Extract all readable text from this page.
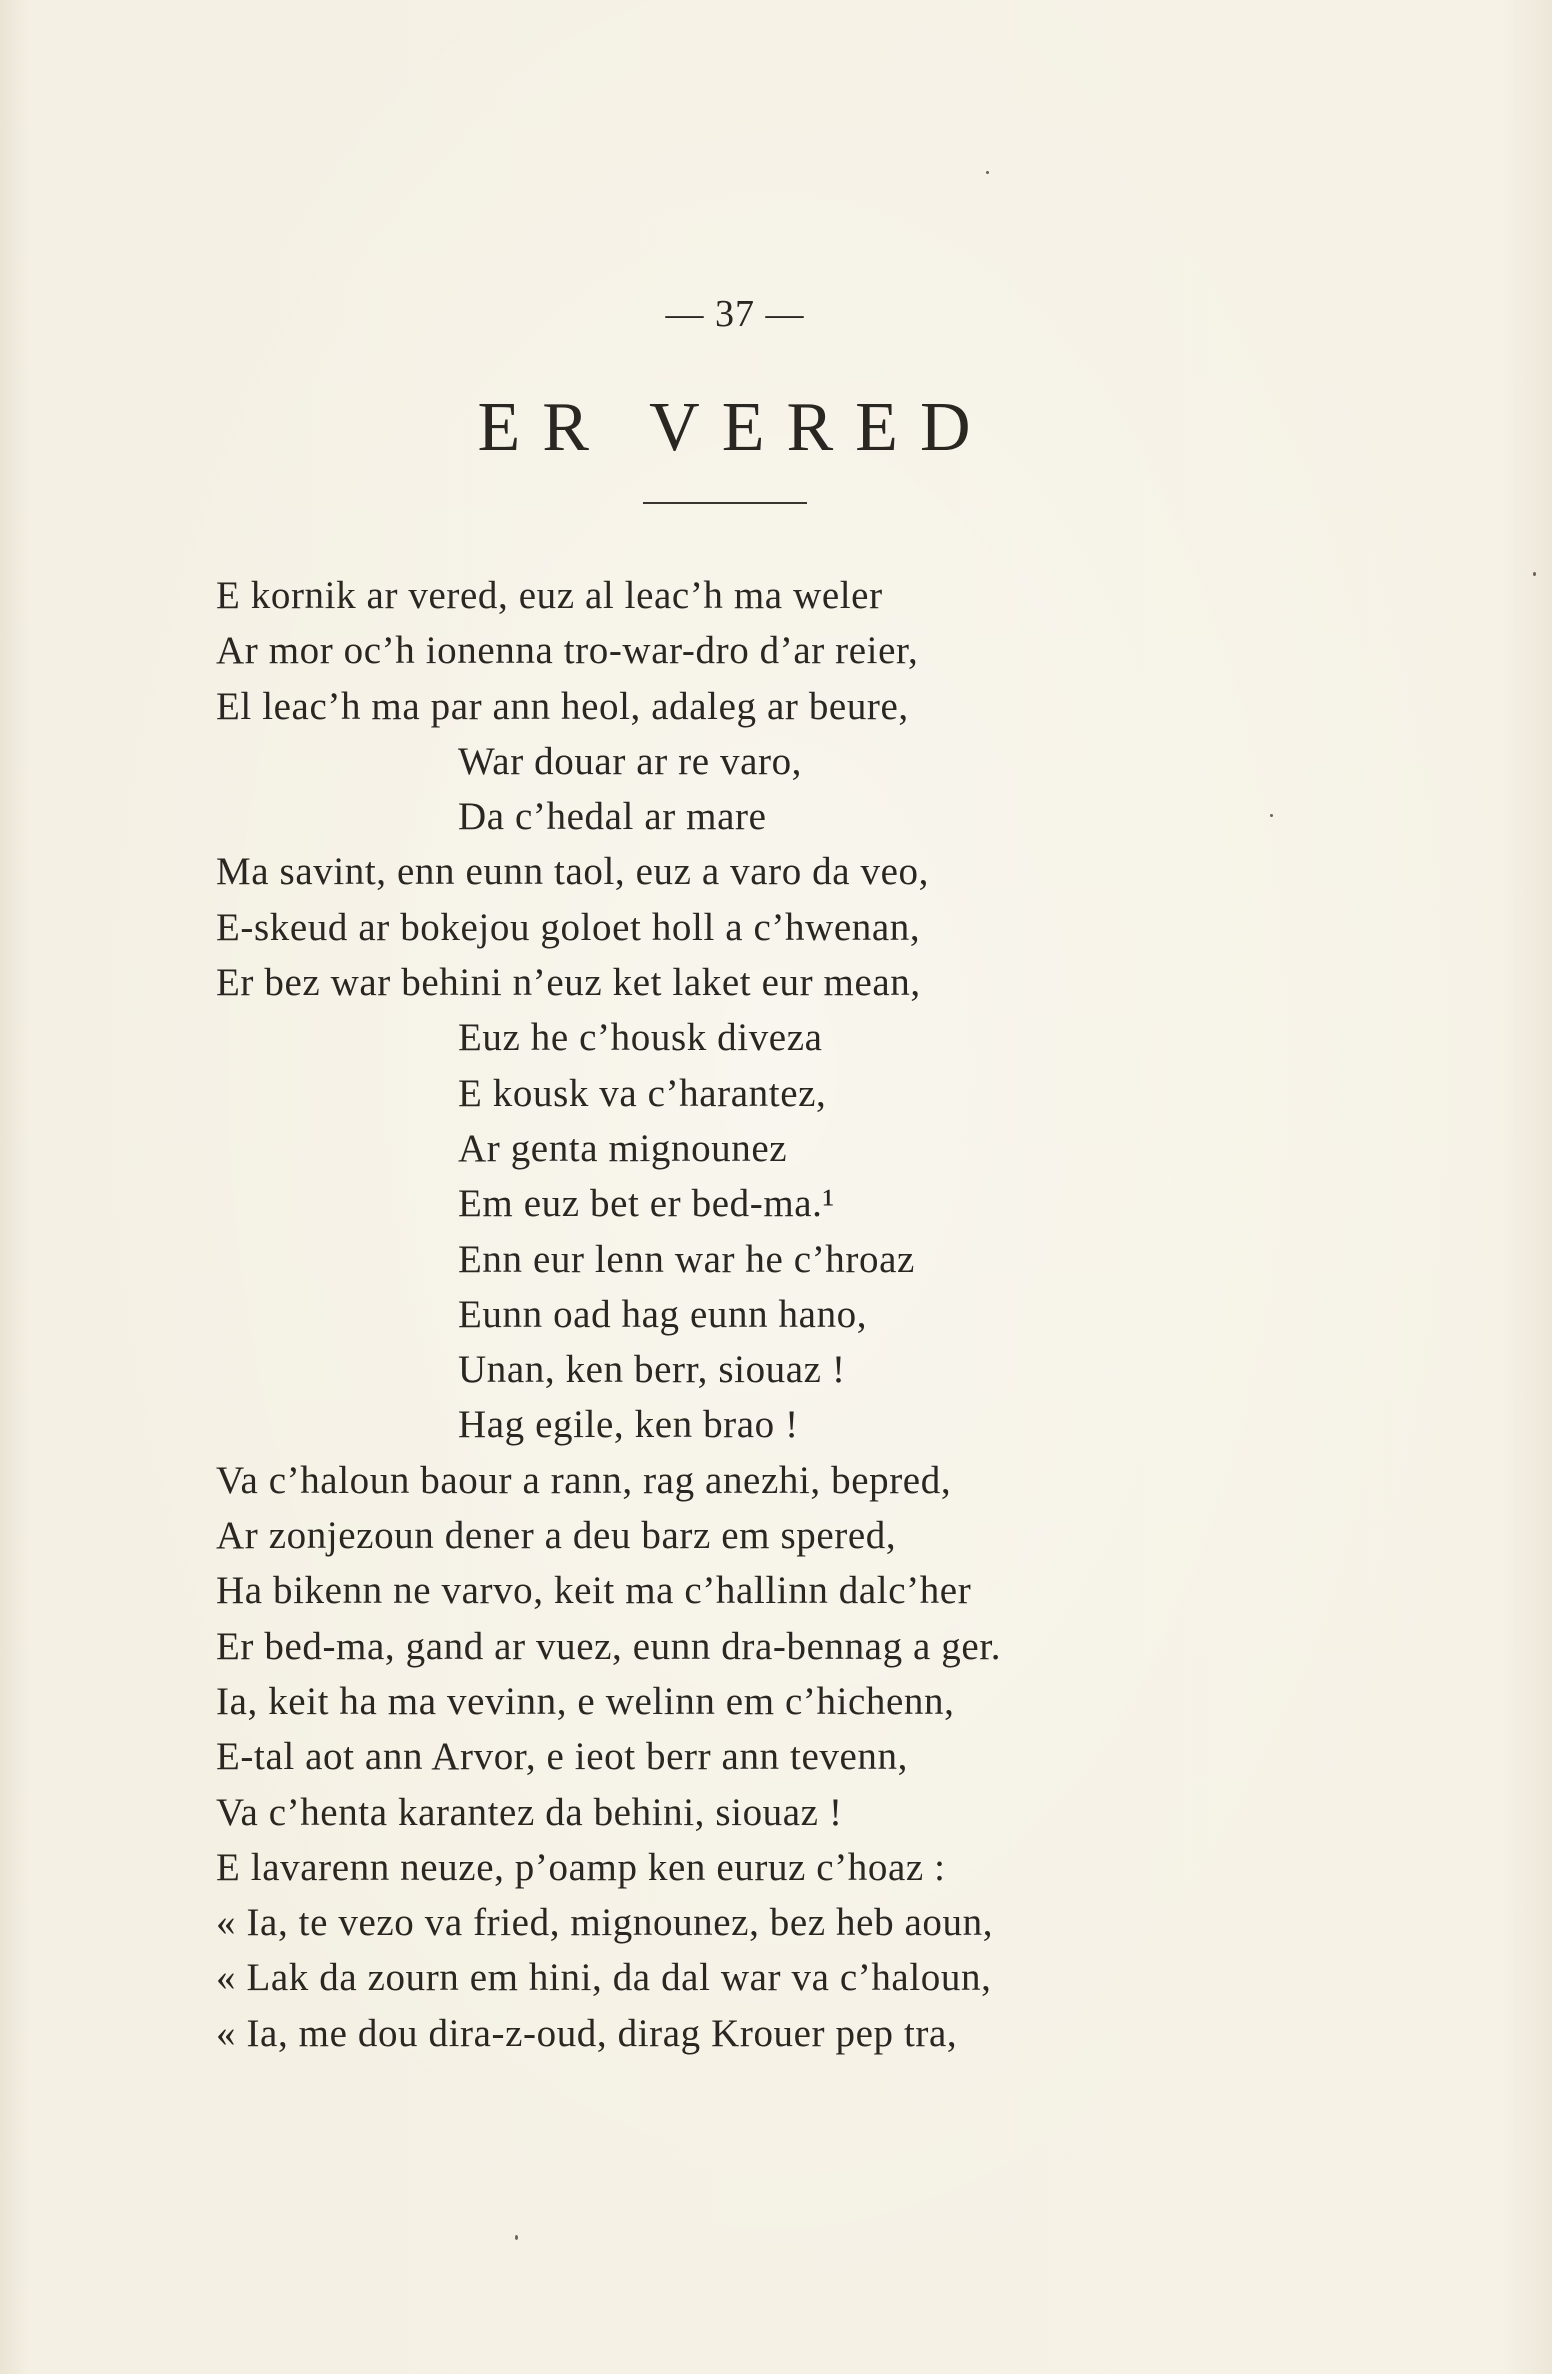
— 37 —
ER VERED
E kornik ar vered, euz al leac’h ma weler
Ar mor oc’h ionenna tro-war-dro d’ar reier,
El leac’h ma par ann heol, adaleg ar beure,
War douar ar re varo,
Da c’hedal ar mare
Ma savint, enn eunn taol, euz a varo da veo,
E-skeud ar bokejou goloet holl a c’hwenan,
Er bez war behini n’euz ket laket eur mean,
Euz he c’housk diveza
E kousk va c’harantez,
Ar genta mignounez
Em euz bet er bed-ma.¹
Enn eur lenn war he c’hroaz
Eunn oad hag eunn hano,
Unan, ken berr, siouaz !
Hag egile, ken brao !
Va c’haloun baour a rann, rag anezhi, bepred,
Ar zonjezoun dener a deu barz em spered,
Ha bikenn ne varvo, keit ma c’hallinn dalc’her
Er bed-ma, gand ar vuez, eunn dra-bennag a ger.
Ia, keit ha ma vevinn, e welinn em c’hichenn,
E-tal aot ann Arvor, e ieot berr ann tevenn,
Va c’henta karantez da behini, siouaz !
E lavarenn neuze, p’oamp ken euruz c’hoaz :
« Ia, te vezo va fried, mignounez, bez heb aoun,
« Lak da zourn em hini, da dal war va c’haloun,
« Ia, me dou dira-z-oud, dirag Krouer pep tra,
